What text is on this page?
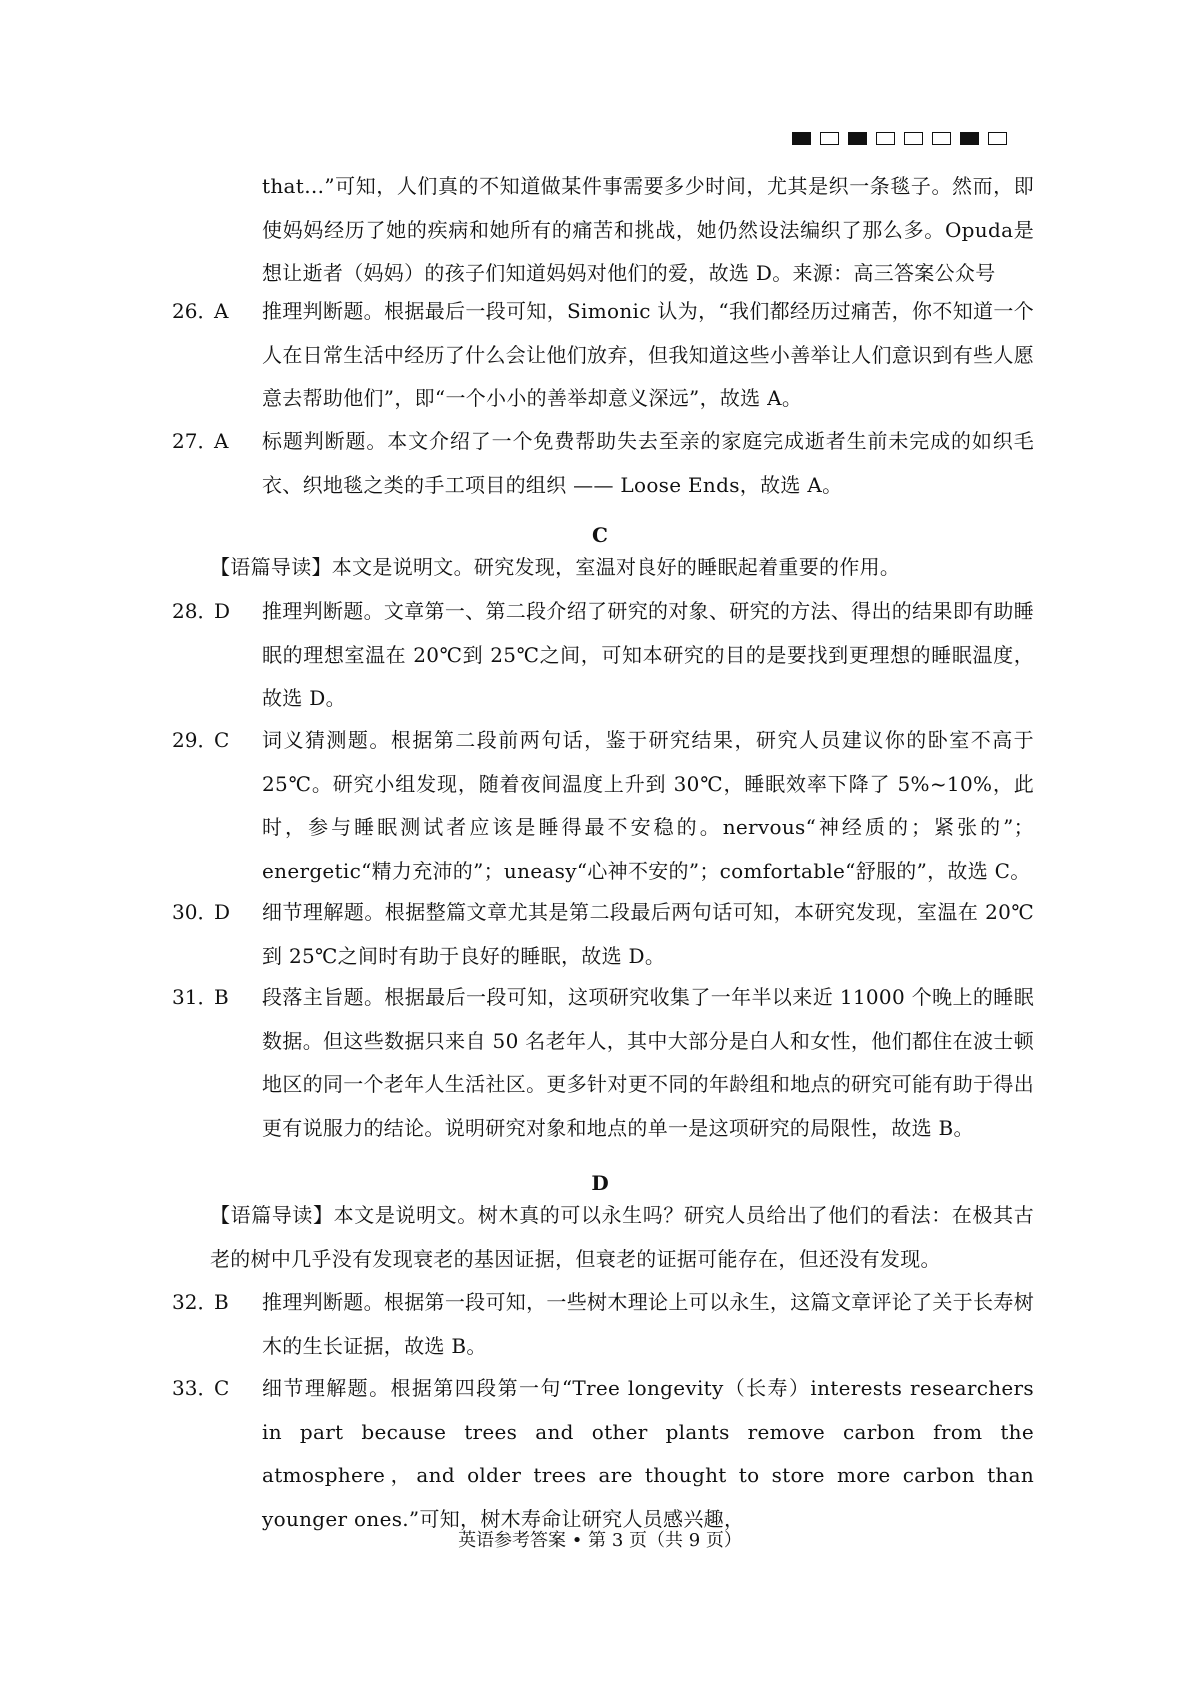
that…”可知，人们真的不知道做某件事需要多少时间，尤其是织一条毯子。然而，即使妈妈经历了她的疾病和她所有的痛苦和挑战，她仍然设法编织了那么多。Opuda是想让逝者（妈妈）的孩子们知道妈妈对他们的爱，故选 D。来源：高三答案公众号
26．
A 推理判断题。根据最后一段可知，Simonic 认为，“我们都经历过痛苦，你不知道一个人在日常生活中经历了什么会让他们放弃，但我知道这些小善举让人们意识到有些人愿意去帮助他们”，即“一个小小的善举却意义深远”，故选 A。
27．
A 标题判断题。本文介绍了一个免费帮助失去至亲的家庭完成逝者生前未完成的如织毛衣、织地毯之类的手工项目的组织 —— Loose Ends，故选 A。
C
【语篇导读】本文是说明文。研究发现，室温对良好的睡眠起着重要的作用。
28．
D 推理判断题。文章第一、第二段介绍了研究的对象、研究的方法、得出的结果即有助睡眠的理想室温在 20℃到 25℃之间，可知本研究的目的是要找到更理想的睡眠温度，故选 D。
29．
C 词义猜测题。根据第二段前两句话，鉴于研究结果，研究人员建议你的卧室不高于 25℃。研究小组发现，随着夜间温度上升到 30℃，睡眠效率下降了 5%~10%，此时，参与睡眠测试者应该是睡得最不安稳的。nervous“神经质的；紧张的”；energetic“精力充沛的”；uneasy“心神不安的”；comfortable“舒服的”，故选 C。
30．
D 细节理解题。根据整篇文章尤其是第二段最后两句话可知，本研究发现，室温在 20℃到 25℃之间时有助于良好的睡眠，故选 D。
31．
B 段落主旨题。根据最后一段可知，这项研究收集了一年半以来近 11000 个晚上的睡眠数据。但这些数据只来自 50 名老年人，其中大部分是白人和女性，他们都住在波士顿地区的同一个老年人生活社区。更多针对更不同的年龄组和地点的研究可能有助于得出更有说服力的结论。说明研究对象和地点的单一是这项研究的局限性，故选 B。
D
【语篇导读】本文是说明文。树木真的可以永生吗？研究人员给出了他们的看法：在极其古老的树中几乎没有发现衰老的基因证据，但衰老的证据可能存在，但还没有发现。
32．
B 推理判断题。根据第一段可知，一些树木理论上可以永生，这篇文章评论了关于长寿树木的生长证据，故选 B。
33．
C 细节理解题。根据第四段第一句“Tree longevity（长寿）interests researchers in part because trees and other plants remove carbon from the atmosphere，and older trees are thought to store more carbon than younger ones.”可知，树木寿命让研究人员感兴趣，
英语参考答案 • 第 3 页（共 9 页）
